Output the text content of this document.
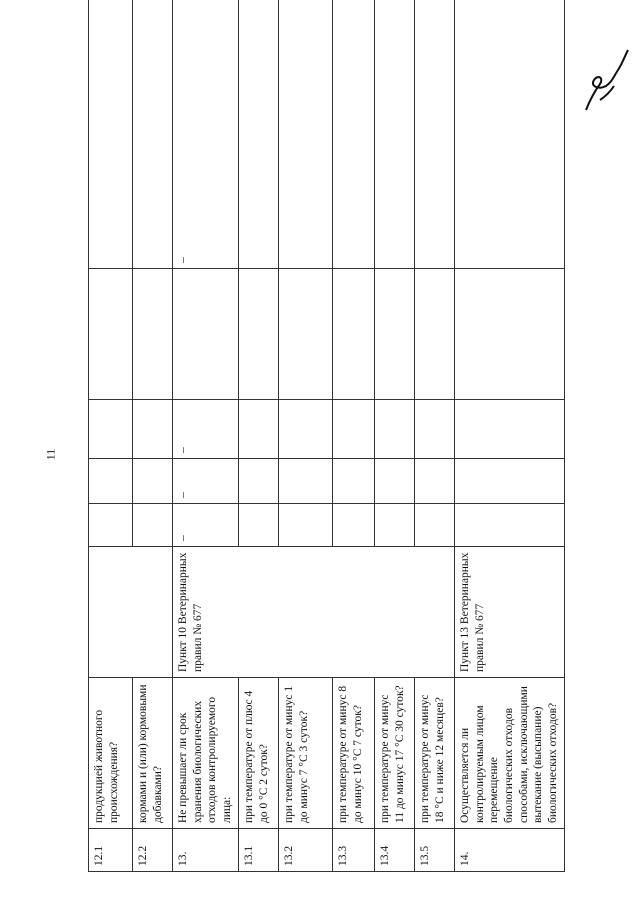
11
12.1	продукцией животного происхождения?						
12.2	кормами и (или) кормовыми добавками?						
13.	Не превышает ли срок хранения биологических отходов контролируемого лица:	Пункт 10 Ветеринарных правил № 677	–	–	–		–
13.1	при температуре от плюс 4 до 0 °С 2 суток?						
13.2	при температуре от минус 1 до минус 7 °С 3 суток?						
13.3	при температуре от минус 8 до минус 10 °С 7 суток?						
13.4	при температуре от минус 11 до минус 17 °С 30 суток?						
13.5	при температуре от минус 18 °С и ниже 12 месяцев?						
14.	Осуществляется ли контролируемым лицом перемещение биологических отходов способами, исключающими вытекание (высыпание) биологических отходов?	Пункт 13 Ветеринарных правил № 677					
